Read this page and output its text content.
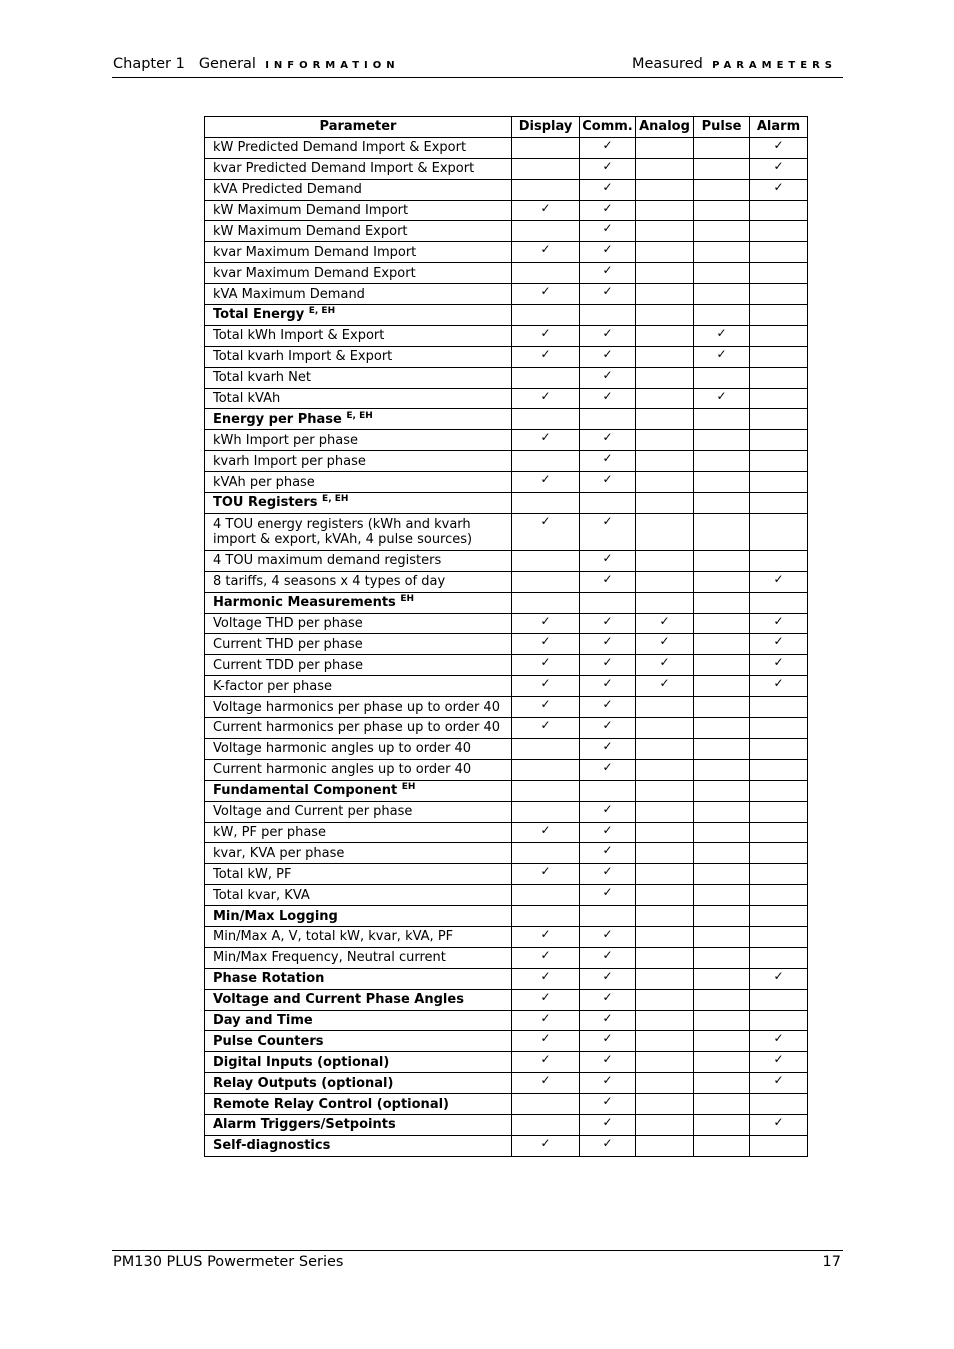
Chapter 1 General INFORMATION	Measured PARAMETERS
Parameter	Display	Comm.	Analog	Pulse	Alarm
kW Predicted Demand Import & Export		✓			✓
kvar Predicted Demand Import & Export		✓			✓
kVA Predicted Demand		✓			✓
kW Maximum Demand Import	✓	✓			
kW Maximum Demand Export		✓			
kvar Maximum Demand Import	✓	✓			
kvar Maximum Demand Export		✓			
kVA Maximum Demand	✓	✓			
Total Energy $^{E, EH}$					
Total kWh Import & Export	✓	✓		✓	
Total kvarh Import & Export	✓	✓		✓	
Total kvarh Net		✓			
Total kVAh	✓	✓		✓	
Energy per Phase $^{E, EH}$					
kWh Import per phase	✓	✓			
kvarh Import per phase		✓			
kVAh per phase	✓	✓			
TOU Registers $^{E, EH}$					
4 TOU energy registers (kWh and kvarh
import & export, kVAh, 4 pulse sources)	✓	✓			
4 TOU maximum demand registers		✓			
8 tariffs, 4 seasons x 4 types of day		✓			✓
Harmonic Measurements $^{EH}$					
Voltage THD per phase	✓	✓	✓		✓
Current THD per phase	✓	✓	✓		✓
Current TDD per phase	✓	✓	✓		✓
K-factor per phase	✓	✓	✓		✓
Voltage harmonics per phase up to order 40	✓	✓			
Current harmonics per phase up to order 40	✓	✓			
Voltage harmonic angles up to order 40		✓			
Current harmonic angles up to order 40		✓			
Fundamental Component $^{EH}$					
Voltage and Current per phase		✓			
kW, PF per phase	✓	✓			
kvar, KVA per phase		✓			
Total kW, PF	✓	✓			
Total kvar, KVA		✓			
Min/Max Logging					
Min/Max A, V, total kW, kvar, kVA, PF	✓	✓			
Min/Max Frequency, Neutral current	✓	✓			
Phase Rotation	✓	✓			✓
Voltage and Current Phase Angles	✓	✓			
Day and Time	✓	✓			
Pulse Counters	✓	✓			✓
Digital Inputs (optional)	✓	✓			✓
Relay Outputs (optional)	✓	✓			✓
Remote Relay Control (optional)		✓			
Alarm Triggers/Setpoints		✓			✓
Self-diagnostics	✓	✓			
PM130 PLUS Powermeter Series	17
